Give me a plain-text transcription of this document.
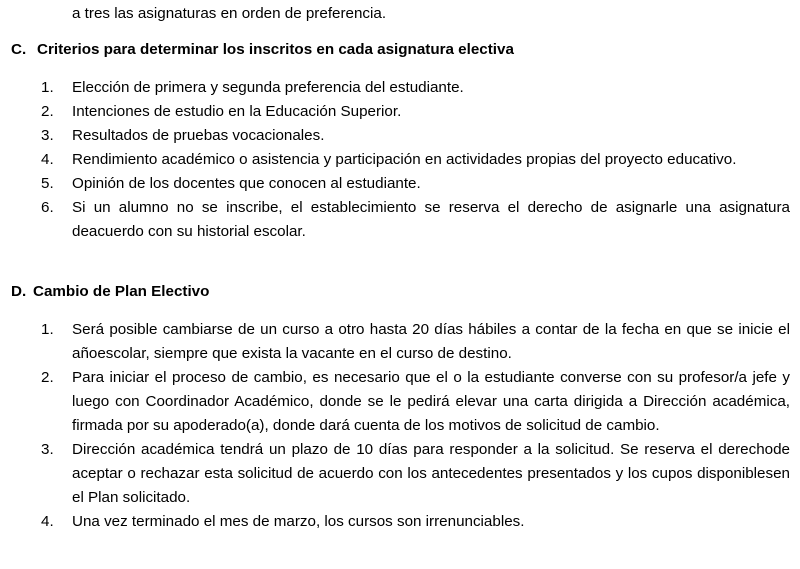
a tres las asignaturas en orden de preferencia.
C. Criterios para determinar los inscritos en cada asignatura electiva
1. Elección de primera y segunda preferencia del estudiante.
2. Intenciones de estudio en la Educación Superior.
3. Resultados de pruebas vocacionales.
4. Rendimiento académico o asistencia y participación en actividades propias del proyecto educativo.
5. Opinión de los docentes que conocen al estudiante.
6. Si un alumno no se inscribe, el establecimiento se reserva el derecho de asignarle una asignatura deacuerdo con su historial escolar.
D. Cambio de Plan Electivo
1. Será posible cambiarse de un curso a otro hasta 20 días hábiles a contar de la fecha en que se inicie el añoescolar, siempre que exista la vacante en el curso de destino.
2. Para iniciar el proceso de cambio, es necesario que el o la estudiante converse con su profesor/a jefe y luego con Coordinador Académico, donde se le pedirá elevar una carta dirigida a Dirección académica, firmada por su apoderado(a), donde dará cuenta de los motivos de solicitud de cambio.
3. Dirección académica tendrá un plazo de 10 días para responder a la solicitud. Se reserva el derechode aceptar o rechazar esta solicitud de acuerdo con los antecedentes presentados y los cupos disponiblesen el Plan solicitado.
4. Una vez terminado el mes de marzo, los cursos son irrenunciables.
